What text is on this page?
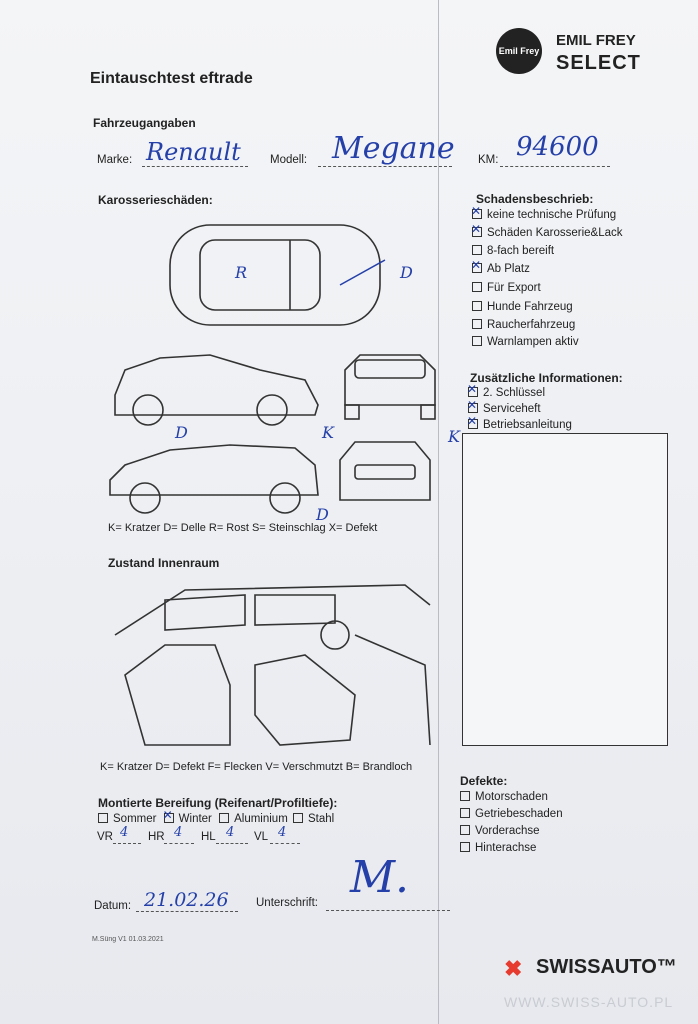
Eintauschtest eftrade
Emil Frey
EMIL FREY
SELECT
Fahrzeugangaben
Marke: Renault	Modell: Megane KM: 94600
Karosserieschäden:
R	D
D	K	K
D
K= Kratzer D= Delle R= Rost S= Steinschlag X= Defekt
Zustand Innenraum
K= Kratzer D= Defekt F= Flecken V= Verschmutzt B= Brandloch
Montierte Bereifung (Reifenart/Profiltiefe):
Sommer ✕ Winter Aluminium Stahl
VR 4 HR 4 HL 4 VL 4
Datum: 21.02.26 Unterschrift: M.
M.Süng V1 01.03.2021
Schadensbeschrieb:
✕keine technische Prüfung
✕Schäden Karosserie&Lack
8-fach bereift
✕Ab Platz
Für Export
Hunde Fahrzeug
Raucherfahrzeug
Warnlampen aktiv
Zusätzliche Informationen:
✕2. Schlüssel
✕Serviceheft
✕Betriebsanleitung
Defekte:
Motorschaden
Getriebeschaden
Vorderachse
Hinterachse
✖ SWISSAUTO™
WWW.SWISS-AUTO.PL
